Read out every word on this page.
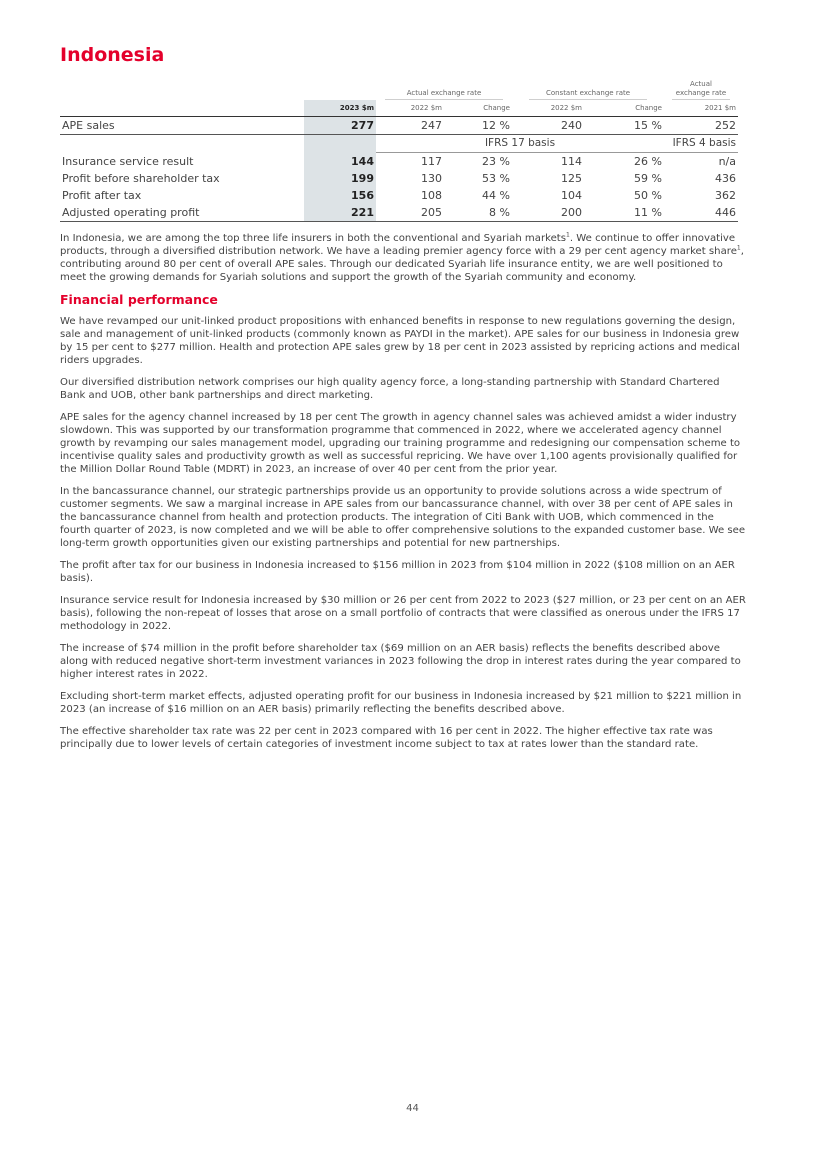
Indonesia
		Actual exchange rate		Constant exchange rate		Actual exchange rate
	2023 $m	2022 $m	Change	2022 $m	Change	2021 $m
APE sales	277	247	12 %	240	15 %	252
		IFRS 17 basis				IFRS 4 basis
Insurance service result	144	117	23 %	114	26 %	n/a
Profit before shareholder tax	199	130	53 %	125	59 %	436
Profit after tax	156	108	44 %	104	50 %	362
Adjusted operating profit	221	205	8 %	200	11 %	446

In Indonesia, we are among the top three life insurers in both the conventional and Syariah markets$^1$. We continue to offer innovative products, through a diversified distribution network. We have a leading premier agency force with a 29 per cent agency market share$^1$, contributing around 80 per cent of overall APE sales. Through our dedicated Syariah life insurance entity, we are well positioned to meet the growing demands for Syariah solutions and support the growth of the Syariah community and economy.

Financial performance

We have revamped our unit-linked product propositions with enhanced benefits in response to new regulations governing the design, sale and management of unit-linked products (commonly known as PAYDI in the market). APE sales for our business in Indonesia grew by 15 per cent to $277 million. Health and protection APE sales grew by 18 per cent in 2023 assisted by repricing actions and medical riders upgrades.

Our diversified distribution network comprises our high quality agency force, a long-standing partnership with Standard Chartered Bank and UOB, other bank partnerships and direct marketing.

APE sales for the agency channel increased by 18 per cent The growth in agency channel sales was achieved amidst a wider industry slowdown. This was supported by our transformation programme that commenced in 2022, where we accelerated agency channel growth by revamping our sales management model, upgrading our training programme and redesigning our compensation scheme to incentivise quality sales and productivity growth as well as successful repricing. We have over 1,100 agents provisionally qualified for the Million Dollar Round Table (MDRT) in 2023, an increase of over 40 per cent from the prior year.

In the bancassurance channel, our strategic partnerships provide us an opportunity to provide solutions across a wide spectrum of customer segments. We saw a marginal increase in APE sales from our bancassurance channel, with over 38 per cent of APE sales in the bancassurance channel from health and protection products. The integration of Citi Bank with UOB, which commenced in the fourth quarter of 2023, is now completed and we will be able to offer comprehensive solutions to the expanded customer base. We see long-term growth opportunities given our existing partnerships and potential for new partnerships.

The profit after tax for our business in Indonesia increased to $156 million in 2023 from $104 million in 2022 ($108 million on an AER basis).

Insurance service result for Indonesia increased by $30 million or 26 per cent from 2022 to 2023 ($27 million, or 23 per cent on an AER basis), following the non-repeat of losses that arose on a small portfolio of contracts that were classified as onerous under the IFRS 17 methodology in 2022.

The increase of $74 million in the profit before shareholder tax ($69 million on an AER basis) reflects the benefits described above along with reduced negative short-term investment variances in 2023 following the drop in interest rates during the year compared to higher interest rates in 2022.

Excluding short-term market effects, adjusted operating profit for our business in Indonesia increased by $21 million to $221 million in 2023 (an increase of $16 million on an AER basis) primarily reflecting the benefits described above.

The effective shareholder tax rate was 22 per cent in 2023 compared with 16 per cent in 2022. The higher effective tax rate was principally due to lower levels of certain categories of investment income subject to tax at rates lower than the standard rate.

44
